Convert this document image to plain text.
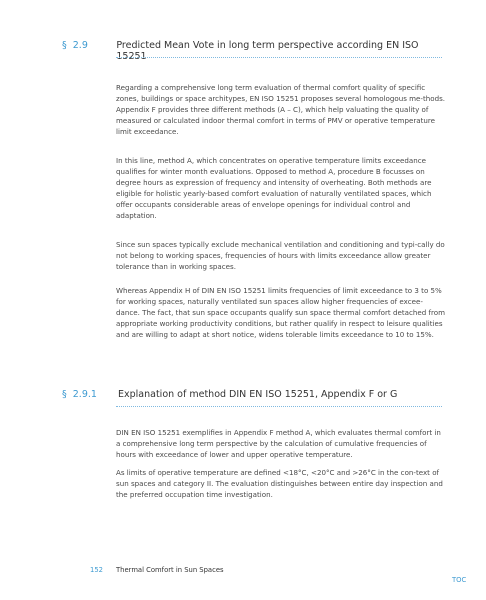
§ 2.9	Predicted Mean Vote in long term perspective according EN ISO 15251

Regarding a comprehensive long term evaluation of thermal comfort quality of specific zones, buildings or space architypes, EN ISO 15251 proposes several homologous me-thods. Appendix F provides three different methods (A – C), which help valuating the quality of measured or calculated indoor thermal comfort in terms of PMV or operative temperature limit exceedance.

In this line, method A, which concentrates on operative temperature limits exceedance qualifies for winter month evaluations. Opposed to method A, procedure B focusses on degree hours as expression of frequency and intensity of overheating. Both methods are eligible for holistic yearly-based comfort evaluation of naturally ventilated spaces, which offer occupants considerable areas of envelope openings for individual control and adaptation.

Since sun spaces typically exclude mechanical ventilation and conditioning and typi-cally do not belong to working spaces, frequencies of hours with limits exceedance allow greater tolerance than in working spaces.

Whereas Appendix H of DIN EN ISO 15251 limits frequencies of limit exceedance to 3 to 5% for working spaces, naturally ventilated sun spaces allow higher frequencies of excee-dance. The fact, that sun space occupants qualify sun space thermal comfort detached from appropriate working productivity conditions, but rather qualify in respect to leisure qualities and are willing to adapt at short notice, widens tolerable limits exceedance to 10 to 15%.

§ 2.9.1	Explanation of method DIN EN ISO 15251, Appendix F or G

DIN EN ISO 15251 exemplifies in Appendix F method A, which evaluates thermal comfort in a comprehensive long term perspective by the calculation of cumulative frequencies of hours with exceedance of lower and upper operative temperature.

As limits of operative temperature are defined <18°C, <20°C and >26°C in the con-text of sun spaces and category II. The evaluation distinguishes between entire day inspection and the preferred occupation time investigation.

152 Thermal Comfort in Sun Spaces
TOC
